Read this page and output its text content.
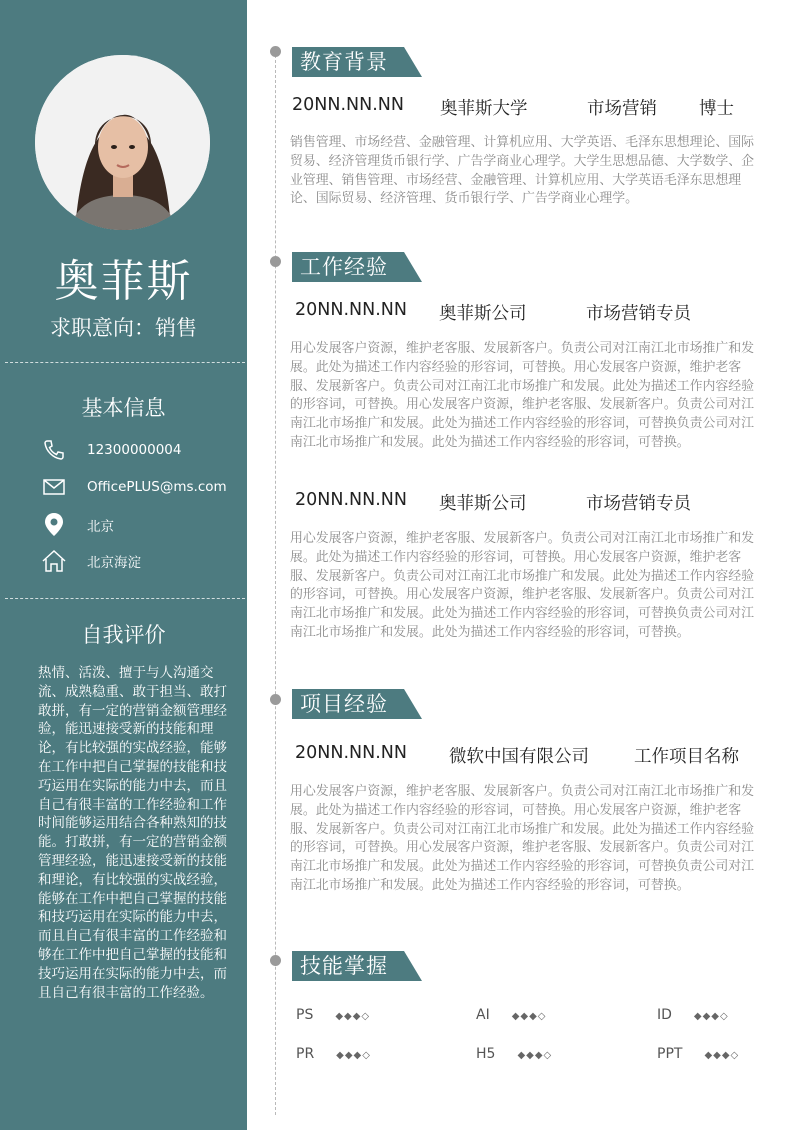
奥菲斯
求职意向：销售
基本信息
12300000004
OfficePLUS@ms.com
北京
北京海淀
自我评价
热情、活泼、擅于与人沟通交流、成熟稳重、敢于担当、敢打敢拼，有一定的营销金额管理经验，能迅速接受新的技能和理论，有比较强的实战经验，能够在工作中把自己掌握的技能和技巧运用在实际的能力中去，而且自己有很丰富的工作经验和工作时间能够运用结合各种熟知的技能。打敢拼，有一定的营销金额管理经验，能迅速接受新的技能和理论，有比较强的实战经验，能够在工作中把自己掌握的技能和技巧运用在实际的能力中去，而且自己有很丰富的工作经验和够在工作中把自己掌握的技能和技巧运用在实际的能力中去，而且自己有很丰富的工作经验。
教育背景
20NN.NN.NN 奥菲斯大学	市场营销 博士
销售管理、市场经营、金融管理、计算机应用、大学英语、毛泽东思想理论、国际贸易、经济管理货币银行学、广告学商业心理学。大学生思想品德、大学数学、企业管理、销售管理、市场经营、金融管理、计算机应用、大学英语毛泽东思想理论、国际贸易、经济管理、货币银行学、广告学商业心理学。
工作经验
20NN.NN.NN 奥菲斯公司	市场营销专员
用心发展客户资源，维护老客服、发展新客户。负责公司对江南江北市场推广和发展。此处为描述工作内容经验的形容词，可替换。用心发展客户资源，维护老客服、发展新客户。负责公司对江南江北市场推广和发展。此处为描述工作内容经验的形容词，可替换。用心发展客户资源，维护老客服、发展新客户。负责公司对江南江北市场推广和发展。此处为描述工作内容经验的形容词，可替换负责公司对江南江北市场推广和发展。此处为描述工作内容经验的形容词，可替换。
20NN.NN.NN 奥菲斯公司	市场营销专员
用心发展客户资源，维护老客服、发展新客户。负责公司对江南江北市场推广和发展。此处为描述工作内容经验的形容词，可替换。用心发展客户资源，维护老客服、发展新客户。负责公司对江南江北市场推广和发展。此处为描述工作内容经验的形容词，可替换。用心发展客户资源，维护老客服、发展新客户。负责公司对江南江北市场推广和发展。此处为描述工作内容经验的形容词，可替换负责公司对江南江北市场推广和发展。此处为描述工作内容经验的形容词，可替换。
项目经验
20NN.NN.NN 微软中国有限公司	工作项目名称
用心发展客户资源，维护老客服、发展新客户。负责公司对江南江北市场推广和发展。此处为描述工作内容经验的形容词，可替换。用心发展客户资源，维护老客服、发展新客户。负责公司对江南江北市场推广和发展。此处为描述工作内容经验的形容词，可替换。用心发展客户资源，维护老客服、发展新客户。负责公司对江南江北市场推广和发展。此处为描述工作内容经验的形容词，可替换负责公司对江南江北市场推广和发展。此处为描述工作内容经验的形容词，可替换。
技能掌握
PS ◆◆◆◇	AI ◆◆◆◇	ID ◆◆◆◇
PR ◆◆◆◇	H5 ◆◆◆◇	PPT ◆◆◆◇
